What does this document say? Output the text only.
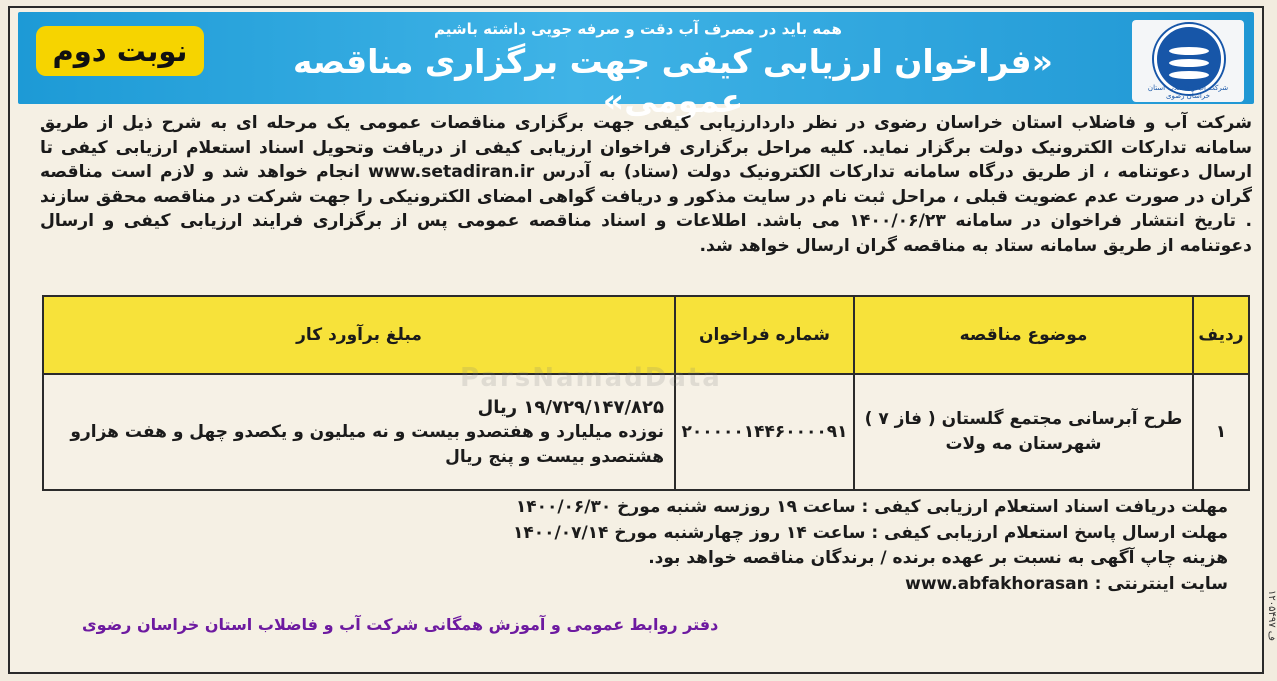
نوبت دوم
همه باید در مصرف آب دقت و صرفه جویی داشته باشیم
«فراخوان ارزیابی کیفی جهت برگزاری مناقصه عمومی»	شرکت آب و فاضلاب استان خراسان رضوی
شرکت آب و فاضلاب استان خراسان رضوی در نظر داردارزیابی کیفی جهت برگزاری مناقصات عمومی یک مرحله ای به شرح ذیل از طریق سامانه تدارکات الکترونیک دولت برگزار نماید. کلیه مراحل برگزاری فراخوان ارزیابی کیفی از دریافت وتحویل اسناد استعلام ارزیابی کیفی تا ارسال دعوتنامه ، از طریق درگاه سامانه تدارکات الکترونیک دولت (ستاد) به آدرس www.setadiran.ir انجام خواهد شد و لازم است مناقصه گران در صورت عدم عضویت قبلی ، مراحل ثبت نام در سایت مذکور و دریافت گواهی امضای الکترونیکی را جهت شرکت در مناقصه محقق سازند . تاریخ انتشار فراخوان در سامانه ۱۴۰۰/۰۶/۲۳ می باشد. اطلاعات و اسناد مناقصه عمومی پس از برگزاری فرایند ارزیابی کیفی و ارسال دعوتنامه از طریق سامانه ستاد به مناقصه گران ارسال خواهد شد.
ردیف	موضوع مناقصه	شماره فراخوان	مبلغ برآورد کار
۱	طرح آبرسانی مجتمع گلستان ( فاز ۷ ) شهرستان مه ولات	۲۰۰۰۰۰۱۴۴۶۰۰۰۰۹۱	۱۹/۷۲۹/۱۴۷/۸۲۵ ریال
نوزده میلیارد و هفتصدو بیست و نه میلیون و یکصدو چهل و هفت هزارو هشتصدو بیست و پنج ریال
مهلت دریافت اسناد استعلام ارزیابی کیفی : ساعت ۱۹ روزسه شنبه مورخ ۱۴۰۰/۰۶/۳۰
مهلت ارسال پاسخ استعلام ارزیابی کیفی : ساعت ۱۴ روز چهارشنبه مورخ ۱۴۰۰/۰۷/۱۴
هزینه چاپ آگهی به نسبت بر عهده برنده / برندگان مناقصه خواهد بود.
سایت اینترنتی : www.abfakhorasan
دفتر روابط عمومی و آموزش همگانی شرکت آب و فاضلاب استان خراسان رضوی
ParsNamadData
ف ۱۲۰۵۴۹۷
